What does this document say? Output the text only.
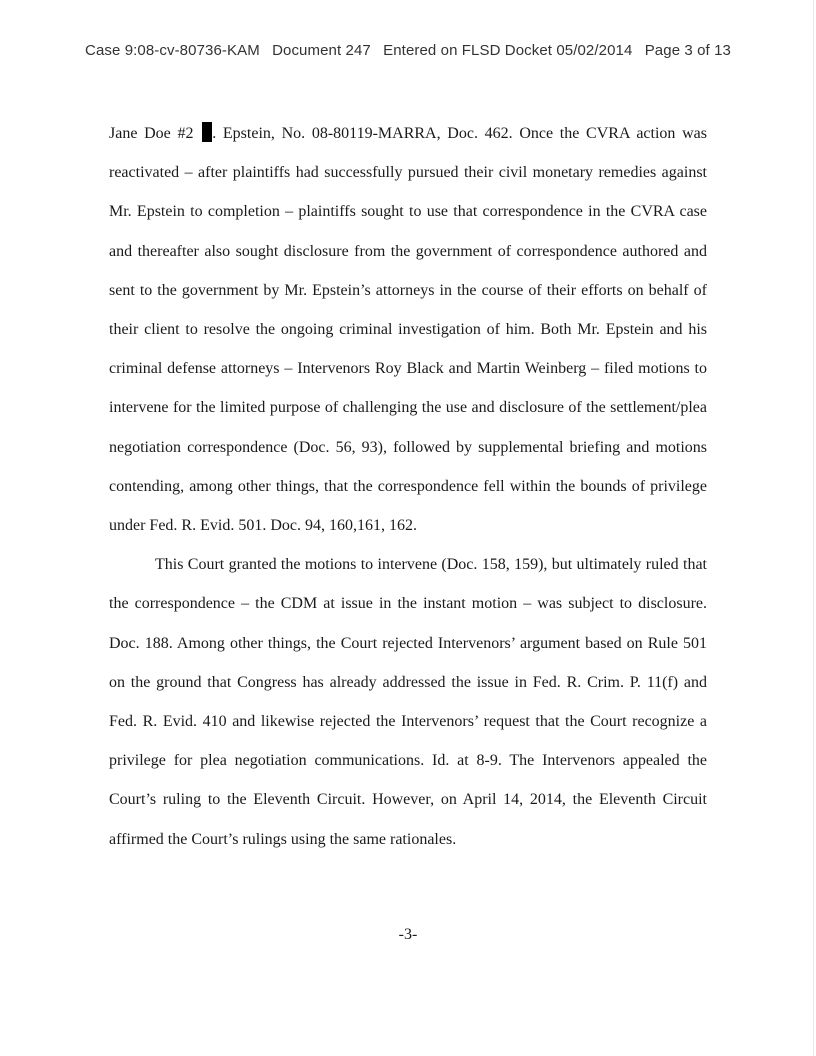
Case 9:08-cv-80736-KAM Document 247 Entered on FLSD Docket 05/02/2014 Page 3 of 13

Jane Doe #2 . Epstein, No. 08-80119-MARRA, Doc. 462. Once the CVRA action was reactivated – after plaintiffs had successfully pursued their civil monetary remedies against Mr. Epstein to completion – plaintiffs sought to use that correspondence in the CVRA case and thereafter also sought disclosure from the government of correspondence authored and sent to the government by Mr. Epstein’s attorneys in the course of their efforts on behalf of their client to resolve the ongoing criminal investigation of him. Both Mr. Epstein and his criminal defense attorneys – Intervenors Roy Black and Martin Weinberg – filed motions to intervene for the limited purpose of challenging the use and disclosure of the settlement/plea negotiation correspondence (Doc. 56, 93), followed by supplemental briefing and motions contending, among other things, that the correspondence fell within the bounds of privilege under Fed. R. Evid. 501. Doc. 94, 160,161, 162.

This Court granted the motions to intervene (Doc. 158, 159), but ultimately ruled that the correspondence – the CDM at issue in the instant motion – was subject to disclosure. Doc. 188. Among other things, the Court rejected Intervenors’ argument based on Rule 501 on the ground that Congress has already addressed the issue in Fed. R. Crim. P. 11(f) and Fed. R. Evid. 410 and likewise rejected the Intervenors’ request that the Court recognize a privilege for plea negotiation communications. Id. at 8-9. The Intervenors appealed the Court’s ruling to the Eleventh Circuit. However, on April 14, 2014, the Eleventh Circuit affirmed the Court’s rulings using the same rationales.

-3-
